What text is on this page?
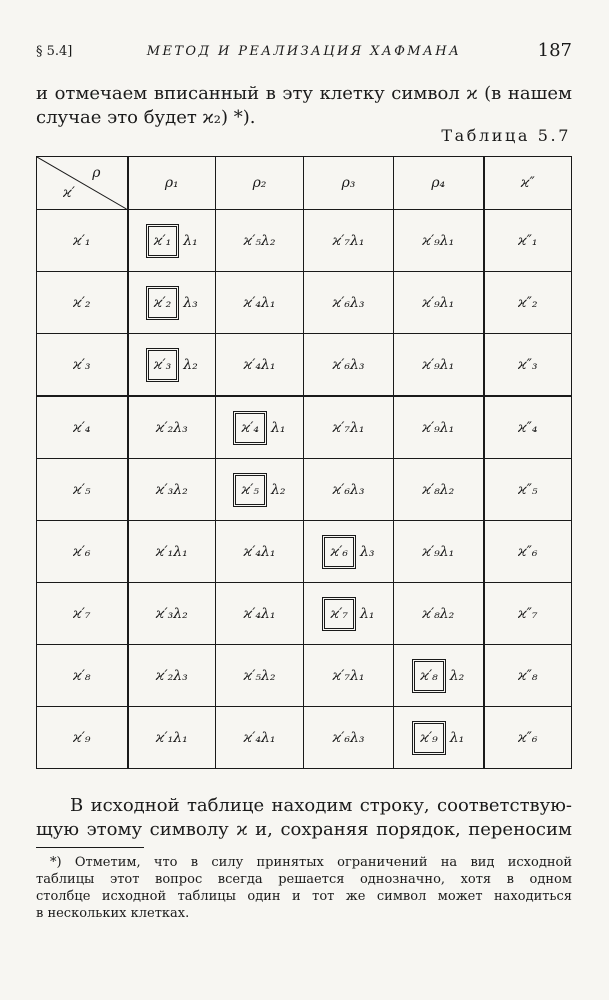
§ 5.4]	МЕТОД И РЕАЛИЗАЦИЯ ХАФМАНА	187
и отмечаем вписанный в эту клетку символ ϰ (в нашем
случае это будет ϰ₂) *).
Таблица 5.7
ρ
ϰ′	ρ₁	ρ₂	ρ₃	ρ₄	ϰ″
ϰ′₁	ϰ′₁ λ₁	ϰ′₅λ₂	ϰ′₇λ₁	ϰ′₉λ₁	ϰ″₁
ϰ′₂	ϰ′₂ λ₃	ϰ′₄λ₁	ϰ′₆λ₃	ϰ′₉λ₁	ϰ″₂
ϰ′₃	ϰ′₃ λ₂	ϰ′₄λ₁	ϰ′₆λ₃	ϰ′₉λ₁	ϰ″₃
ϰ′₄	ϰ′₂λ₃	ϰ′₄ λ₁	ϰ′₇λ₁	ϰ′₉λ₁	ϰ″₄
ϰ′₅	ϰ′₃λ₂	ϰ′₅ λ₂	ϰ′₆λ₃	ϰ′₈λ₂	ϰ″₅
ϰ′₆	ϰ′₁λ₁	ϰ′₄λ₁	ϰ′₆ λ₃	ϰ′₉λ₁	ϰ″₆
ϰ′₇	ϰ′₃λ₂	ϰ′₄λ₁	ϰ′₇ λ₁	ϰ′₈λ₂	ϰ″₇
ϰ′₈	ϰ′₂λ₃	ϰ′₅λ₂	ϰ′₇λ₁	ϰ′₈ λ₂	ϰ″₈
ϰ′₉	ϰ′₁λ₁	ϰ′₄λ₁	ϰ′₆λ₃	ϰ′₉ λ₁	ϰ″₆
В исходной таблице находим строку, соответствую-
щую этому символу ϰ и, сохраняя порядок, переносим
*) Отметим, что в силу принятых ограничений на вид исходной
таблицы этот вопрос всегда решается однозначно, хотя в одном
столбце исходной таблицы один и тот же символ может находиться
в нескольких клетках.
